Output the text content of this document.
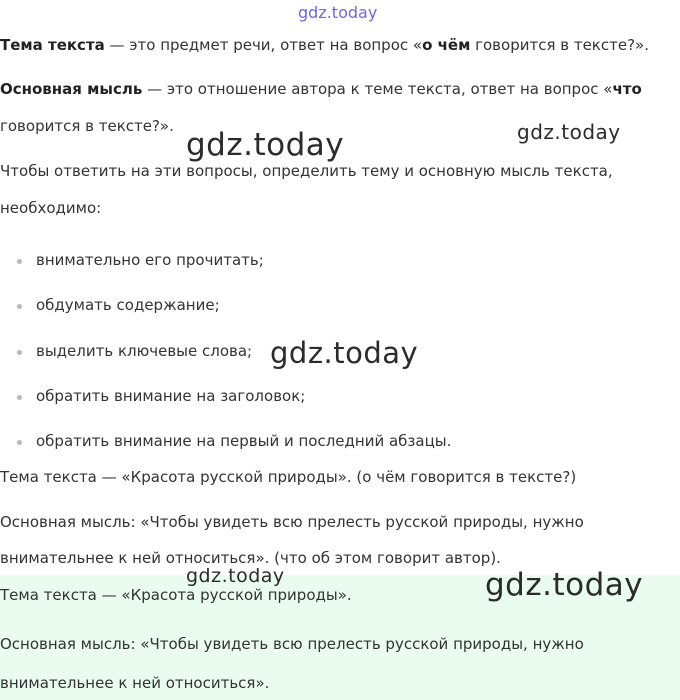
gdz.today
Тема текста — это предмет речи, ответ на вопрос «о чём говорится в тексте?».
Основная мысль — это отношение автора к теме текста, ответ на вопрос «что
говорится в тексте?».
gdz.today	gdz.today
Чтобы ответить на эти вопросы, определить тему и основную мысль текста,
необходимо:
внимательно его прочитать;
обдумать содержание;
выделить ключевые слова;
обратить внимание на заголовок;
обратить внимание на первый и последний абзацы.
gdz.today
Тема текста — «Красота русской природы». (о чём говорится в тексте?)
Основная мысль: «Чтобы увидеть всю прелесть русской природы, нужно
внимательнее к ней относиться». (что об этом говорит автор).
gdz.today	gdz.today
Тема текста — «Красота русской природы».
Основная мысль: «Чтобы увидеть всю прелесть русской природы, нужно
внимательнее к ней относиться».
